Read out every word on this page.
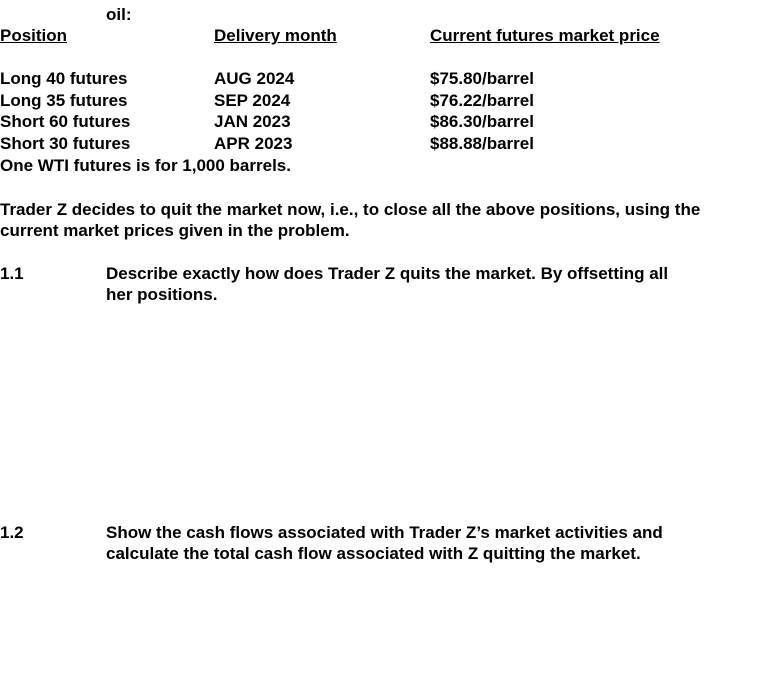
oil:
Position	Delivery month	Current futures market price
Long 40 futures	AUG 2024	$75.80/barrel
Long 35 futures	SEP 2024	$76.22/barrel
Short 60 futures	JAN 2023	$86.30/barrel
Short 30 futures	APR 2023	$88.88/barrel
One WTI futures is for 1,000 barrels.
Trader Z decides to quit the market now, i.e., to close all the above positions, using the
current market prices given in the problem.
1.1	Describe exactly how does Trader Z quits the market. By offsetting all
her positions.
1.2	Show the cash flows associated with Trader Z’s market activities and
calculate the total cash flow associated with Z quitting the market.
